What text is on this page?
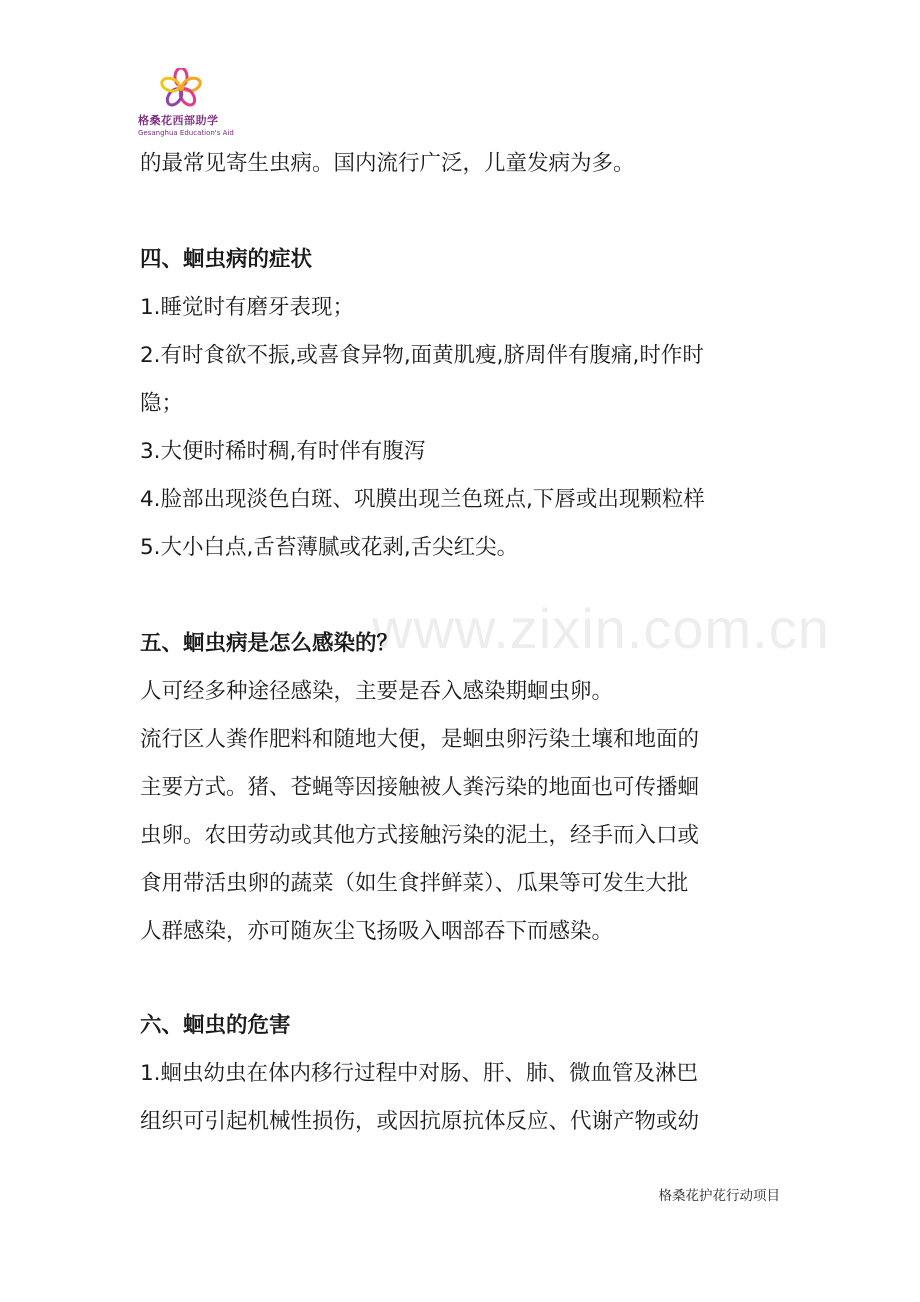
格桑花西部助学
Gesanghua Education's Aid
www.zixin.com.cn
的最常见寄生虫病。国内流行广泛，儿童发病为多。
四、蛔虫病的症状
1.睡觉时有磨牙表现；
2.有时食欲不振,或喜食异物,面黄肌瘦,脐周伴有腹痛,时作时
隐；
3.大便时稀时稠,有时伴有腹泻
4.脸部出现淡色白斑、巩膜出现兰色斑点,下唇或出现颗粒样
5.大小白点,舌苔薄腻或花剥,舌尖红尖。
五、蛔虫病是怎么感染的？
人可经多种途径感染，主要是吞入感染期蛔虫卵。
流行区人粪作肥料和随地大便，是蛔虫卵污染土壤和地面的
主要方式。猪、苍蝇等因接触被人粪污染的地面也可传播蛔
虫卵。农田劳动或其他方式接触污染的泥土，经手而入口或
食用带活虫卵的蔬菜（如生食拌鲜菜）、瓜果等可发生大批
人群感染，亦可随灰尘飞扬吸入咽部吞下而感染。
六、蛔虫的危害
1.蛔虫幼虫在体内移行过程中对肠、肝、肺、微血管及淋巴
组织可引起机械性损伤，或因抗原抗体反应、代谢产物或幼
格桑花护花行动项目
